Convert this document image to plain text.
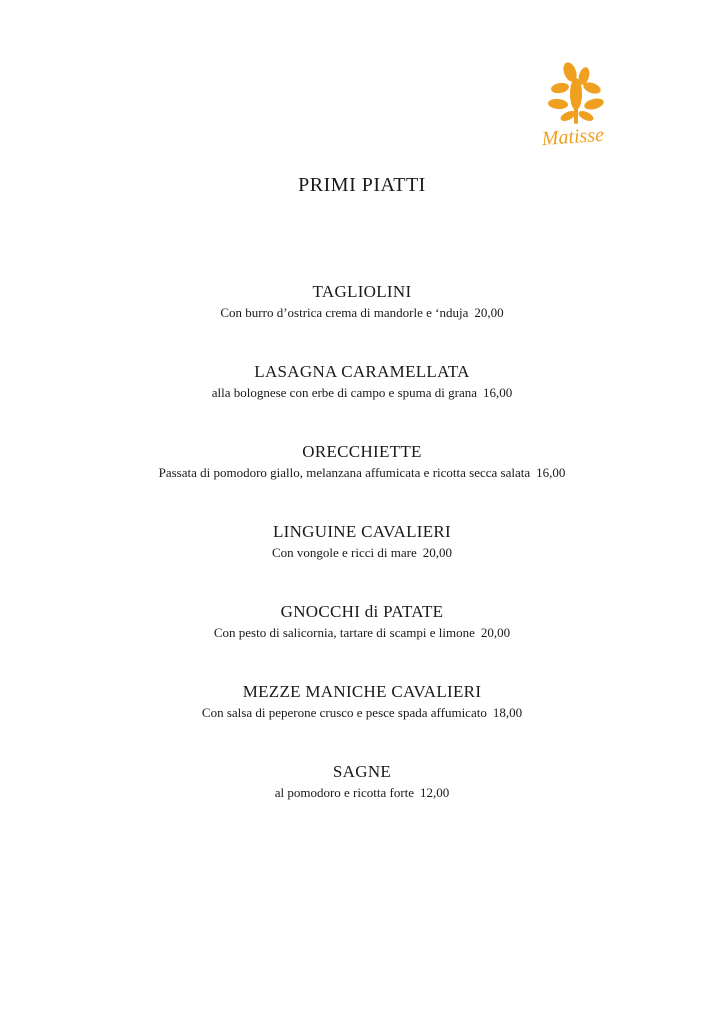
Matisse
PRIMI PIATTI
TAGLIOLINI
Con burro d’ostrica crema di mandorle e ‘nduja 20,00
LASAGNA CARAMELLATA
alla bolognese con erbe di campo e spuma di grana 16,00
ORECCHIETTE
Passata di pomodoro giallo, melanzana affumicata e ricotta secca salata 16,00
LINGUINE CAVALIERI
Con vongole e ricci di mare 20,00
GNOCCHI di PATATE
Con pesto di salicornia, tartare di scampi e limone 20,00
MEZZE MANICHE CAVALIERI
Con salsa di peperone crusco e pesce spada affumicato 18,00
SAGNE
al pomodoro e ricotta forte 12,00
